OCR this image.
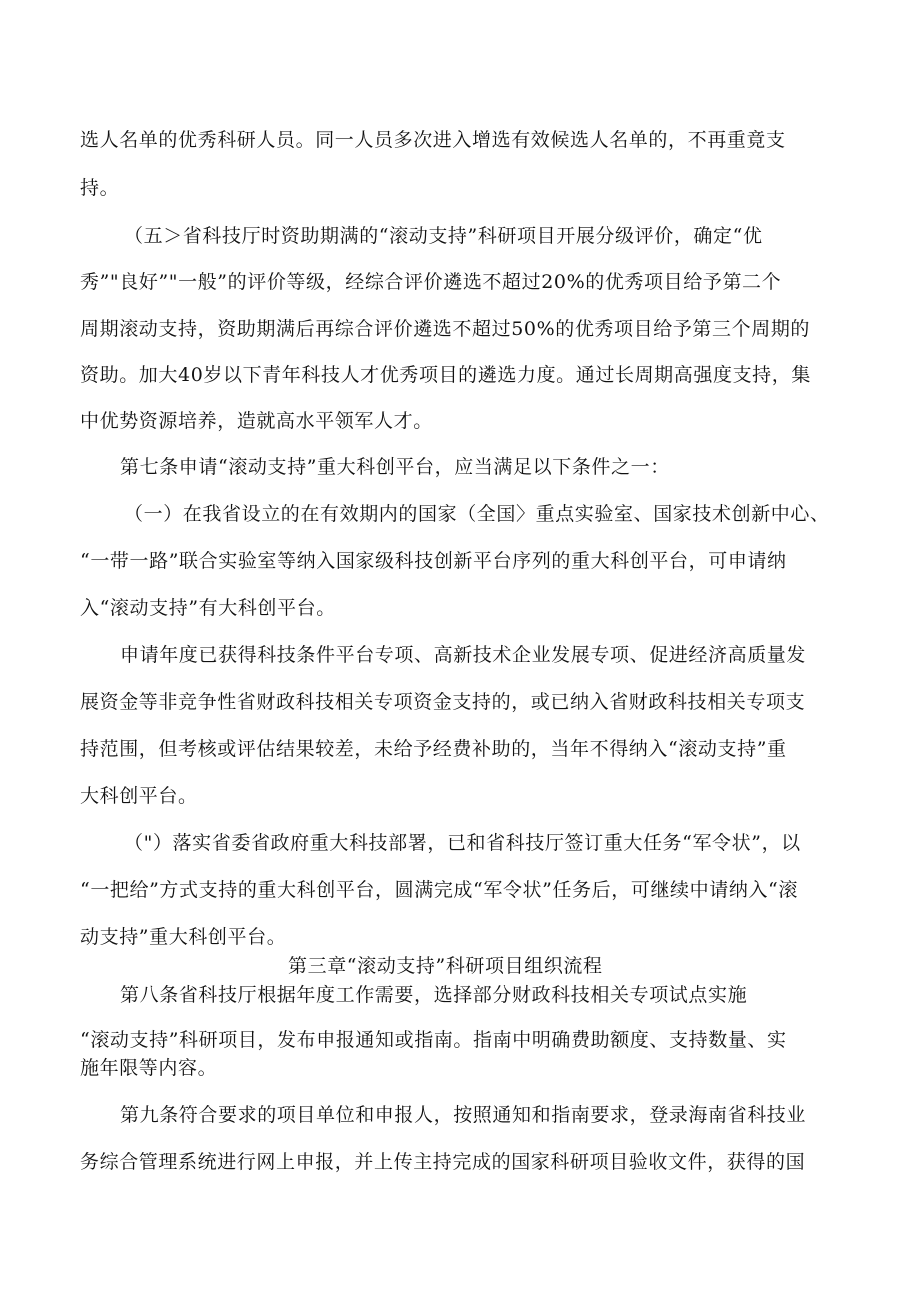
选人名单的优秀科研人员。同一人员多次进入增选有效候选人名单的，不再重竟支
持。
（五＞省科技厅时资助期满的“滚动支持”科研项目开展分级评价，确定“优
秀”"良好”"一般”的评价等级，经综合评价遴选不超过20%的优秀项目给予第二个
周期滚动支持，资助期满后再综合评价遴选不超过50%的优秀项目给予第三个周期的
资助。加大40岁以下青年科技人才优秀项目的遴选力度。通过长周期高强度支持，集
中优势资源培养，造就高水平领军人才。
第七条申请“滚动支持”重大科创平台，应当满足以下条件之一：
（一）在我省设立的在有效期内的国家（全国〉重点实验室、国家技术创新中心、
“一带一路”联合实验室等纳入国家级科技创新平台序列的重大科创平台，可申请纳
入“滚动支持”有大科创平台。
申请年度已获得科技条件平台专项、高新技术企业发展专项、促进经济高质量发
展资金等非竞争性省财政科技相关专项资金支持的，或已纳入省财政科技相关专项支
持范围，但考核或评估结果较差，未给予经费补助的，当年不得纳入“滚动支持”重
大科创平台。
（"）落实省委省政府重大科技部署，已和省科技厅签订重大任务“军令状”，以
“一把给”方式支持的重大科创平台，圆满完成“军令状”任务后，可继续中请纳入“滚
动支持”重大科创平台。
第三章“滚动支持”科研项目组织流程
第八条省科技厅根据年度工作需要，选择部分财政科技相关专项试点实施
“滚动支持”科研项目，发布申报通知或指南。指南中明确费助额度、支持数量、实
施年限等内容。
第九条符合要求的项目单位和申报人，按照通知和指南要求，登录海南省科技业
务综合管理系统进行网上申报，并上传主持完成的国家科研项目验收文件，获得的国
